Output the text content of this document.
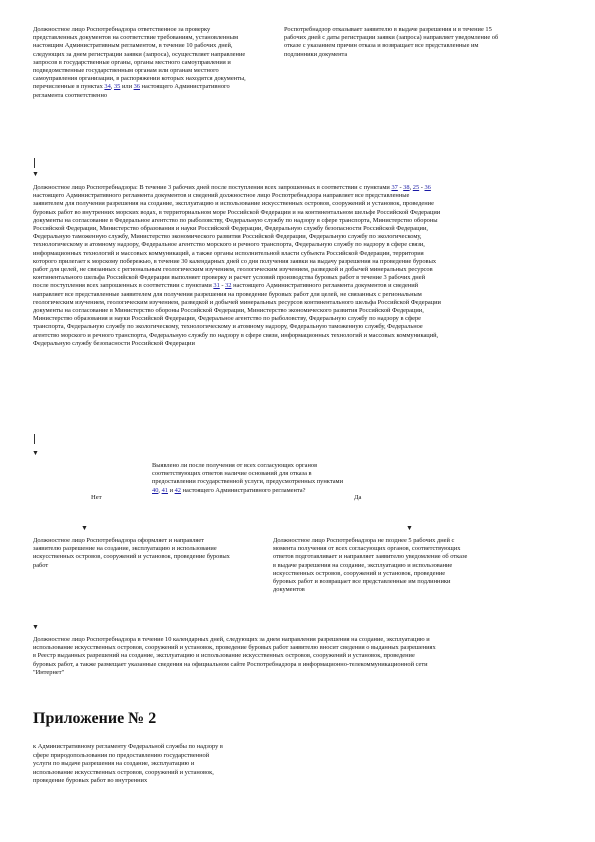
Должностное лицо Роспотребнадзора ответственное за проверку представленных документов на соответствие требованиям, установленным настоящим Административным регламентом, в течение 10 рабочих дней, следующих за днем регистрации заявки (запроса), осуществляет направление запросов в государственные органы, органы местного самоуправления и подведомственные государственным органам или органам местного самоуправления организации, в распоряжении которых находятся документы, перечисленные в пунктах 34, 35 или 36 настоящего Административного регламента соответственно
Роспотребнадзор отказывает заявителю в выдаче разрешения и в течение 15 рабочих дней с даты регистрации заявки (запроса) направляет уведомление об отказе с указанием причин отказа и возвращает все представленные им подлинники документа
▼
Должностное лицо Роспотребнадзора: В течение 3 рабочих дней после поступления всех запрошенных в соответствии с пунктами 37 - 38, 25 - 36 настоящего Административного регламента документов и сведений должностное лицо Роспотребнадзора направляет все представленные заявителем для получения разрешения на создание, эксплуатацию и использование искусственных островов, сооружений и установок, проведение буровых работ во внутренних морских водах, в территориальном море Российской Федерации и на континентальном шельфе Российской Федерации документы на согласование в Федеральное агентство по рыболовству, Федеральную службу по надзору в сфере транспорта, Министерство обороны Российской Федерации, Министерство образования и науки Российской Федерации, Федеральную службу безопасности Российской Федерации, Федеральную таможенную службу, Министерство экономического развития Российской Федерации, Федеральную службу по экологическому, технологическому и атомному надзору, Федеральное агентство морского и речного транспорта, Федеральную службу по надзору в сфере связи, информационных технологий и массовых коммуникаций, а также органы исполнительной власти субъекта Российской Федерации, территория которого прилегает к морскому побережью, в течение 30 календарных дней со дня получения заявки на выдачу разрешения на проведение буровых работ для целей, не связанных с региональным геологическим изучением, геологическим изучением, разведкой и добычей минеральных ресурсов континентального шельфа Российской Федерации выполняет проверку и расчет условий производства буровых работ в течение 3 рабочих дней после поступления всех запрошенных в соответствии с пунктами 31 - 32 настоящего Административного регламента документов и сведений направляет все представленные заявителем для получения разрешения на проведение буровых работ для целей, не связанных с региональным геологическим изучением, геологическим изучением, разведкой и добычей минеральных ресурсов континентального шельфа Российской Федерации документы на согласование в Министерство обороны Российской Федерации, Министерство экономического развития Российской Федерации, Министерство образования и науки Российской Федерации, Федеральное агентство по рыболовству, Федеральную службу по надзору в сфере транспорта, Федеральную службу по экологическому, технологическому и атомному надзору, Федеральную таможенную службу, Федеральное агентство морского и речного транспорта, Федеральную службу по надзору в сфере связи, информационных технологий и массовых коммуникаций, Федеральную службу безопасности Российской Федерации
▼
Выявлено ли после получения от всех согласующих органов соответствующих ответов наличие оснований для отказа в предоставлении государственной услуги, предусмотренных пунктами 40, 41 и 42 настоящего Административного регламента?
Нет	Да
▼	▼
Должностное лицо Роспотребнадзора оформляет и направляет заявителю разрешение на создание, эксплуатацию и использование искусственных островов, сооружений и установок, проведение буровых работ
Должностное лицо Роспотребнадзора не позднее 5 рабочих дней с момента получения от всех согласующих органов, соответствующих ответов подготавливает и направляет заявителю уведомление об отказе в выдаче разрешения на создание, эксплуатацию и использование искусственных островов, сооружений и установок, проведение буровых работ и возвращает все представленные им подлинники документов
▼
Должностное лицо Роспотребнадзора в течение 10 календарных дней, следующих за днем направления разрешения на создание, эксплуатацию и использование искусственных островов, сооружений и установок, проведение буровых работ заявителю вносит сведения о выданных разрешениях в Реестр выданных разрешений на создание, эксплуатацию и использование искусственных островов, сооружений и установок, проведение буровых работ, а также размещает указанные сведения на официальном сайте Роспотребнадзора в информационно-телекоммуникационной сети "Интернет"
Приложение № 2
к Административному регламенту Федеральной службы по надзору в сфере природопользования по предоставлению государственной услуги по выдаче разрешения на создание, эксплуатацию и использование искусственных островов, сооружений и установок, проведение буровых работ во внутренних
